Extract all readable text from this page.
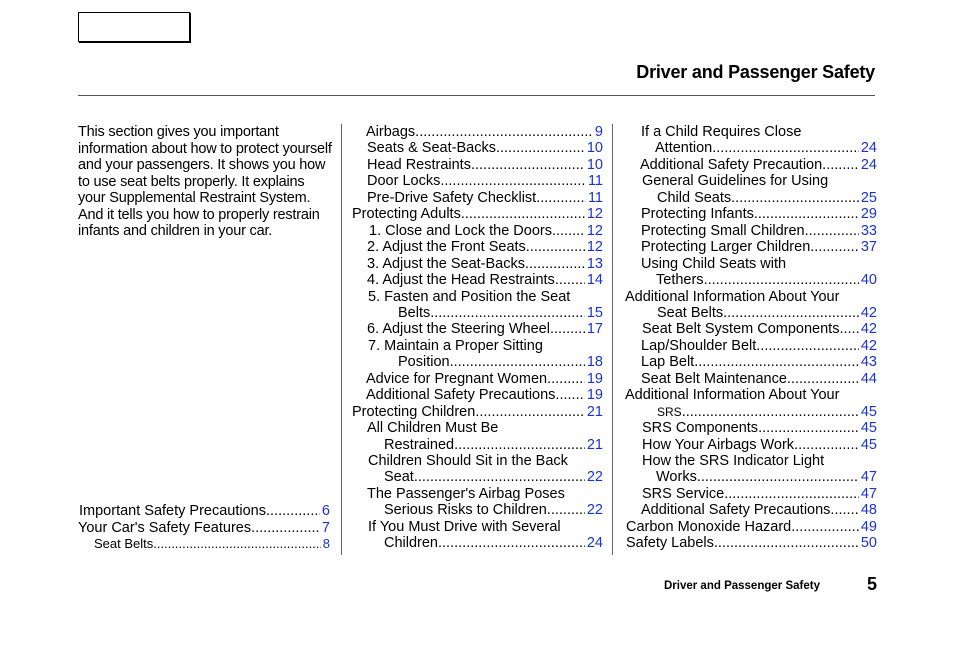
Driver and Passenger Safety

This section gives you important information about how to protect yourself and your passengers. It shows you how to use seat belts properly. It explains your Supplemental Restraint System. And it tells you how to properly restrain infants and children in your car.

Important Safety Precautions .....	6
Your Car's Safety Features .....	7
Seat Belts .....	8
Airbags .....	9
Seats & Seat-Backs .....	10
Head Restraints .....	10
Door Locks .....	11
Pre-Drive Safety Checklist .....	11
Protecting Adults .....	12
1. Close and Lock the Doors ..... 12
2. Adjust the Front Seats .....	12
3. Adjust the Seat-Backs .....	13
4. Adjust the Head Restraints ..... 14
5. Fasten and Position the Seat
Belts .....	15
6. Adjust the Steering Wheel .....	17
7. Maintain a Proper Sitting
Position .....	18
Advice for Pregnant Women .....	19
Additional Safety Precautions ..... 19
Protecting Children .....	21
All Children Must Be
Restrained .....	21
Children Should Sit in the Back
Seat .....	22
The Passenger's Airbag Poses
Serious Risks to Children .....	22
If You Must Drive with Several
Children .....	24
If a Child Requires Close
Attention .....	24
Additional Safety Precaution .....	24
General Guidelines for Using
Child Seats .....	25
Protecting Infants .....	29
Protecting Small Children .....	33
Protecting Larger Children .....	37
Using Child Seats with
Tethers .....	40
Additional Information About Your
Seat Belts .....	42
Seat Belt System Components ..... 42
Lap/Shoulder Belt .....	42
Lap Belt .....	43
Seat Belt Maintenance .....	44
Additional Information About Your
SRS .....	45
SRS Components .....	45
How Your Airbags Work .....	45
How the SRS Indicator Light
Works .....	47
SRS Service .....	47
Additional Safety Precautions ..... 48
Carbon Monoxide Hazard .....	49
Safety Labels .....	50
Driver and Passenger Safety	5
